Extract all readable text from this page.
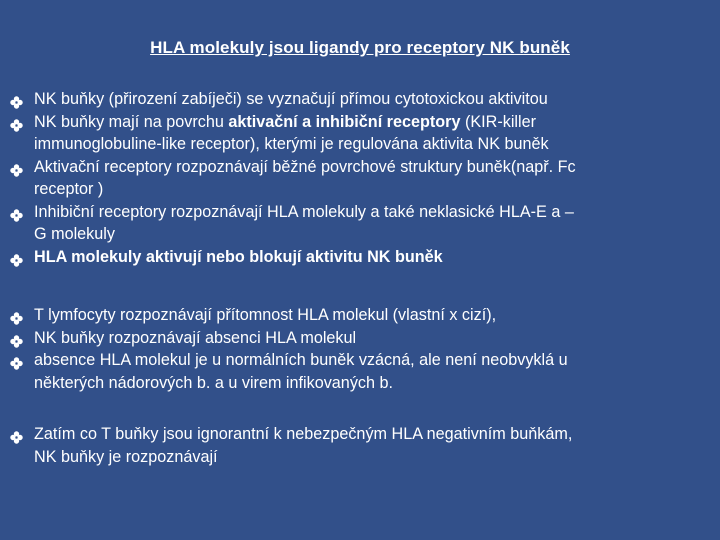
HLA molekuly jsou ligandy pro receptory NK buněk
NK buňky (přirození zabíječi) se vyznačují přímou cytotoxickou aktivitou
NK buňky mají na povrchu aktivační a inhibiční receptory (KIR-killer
immunoglobuline-like receptor), kterými je regulována aktivita NK buněk
Aktivační receptory rozpoznávají běžné povrchové struktury buněk(např. Fc
receptor )
Inhibiční receptory rozpoznávají HLA molekuly a také neklasické HLA-E a –
G molekuly
HLA molekuly aktivují nebo blokují aktivitu NK buněk
T lymfocyty rozpoznávají přítomnost HLA molekul (vlastní x cizí),
NK buňky rozpoznávají absenci HLA molekul
absence HLA molekul je u normálních buněk vzácná, ale není neobvyklá u
některých nádorových b. a u virem infikovaných b.
Zatím co T buňky jsou ignorantní k nebezpečným HLA negativním buňkám,
NK buňky je rozpoznávají
